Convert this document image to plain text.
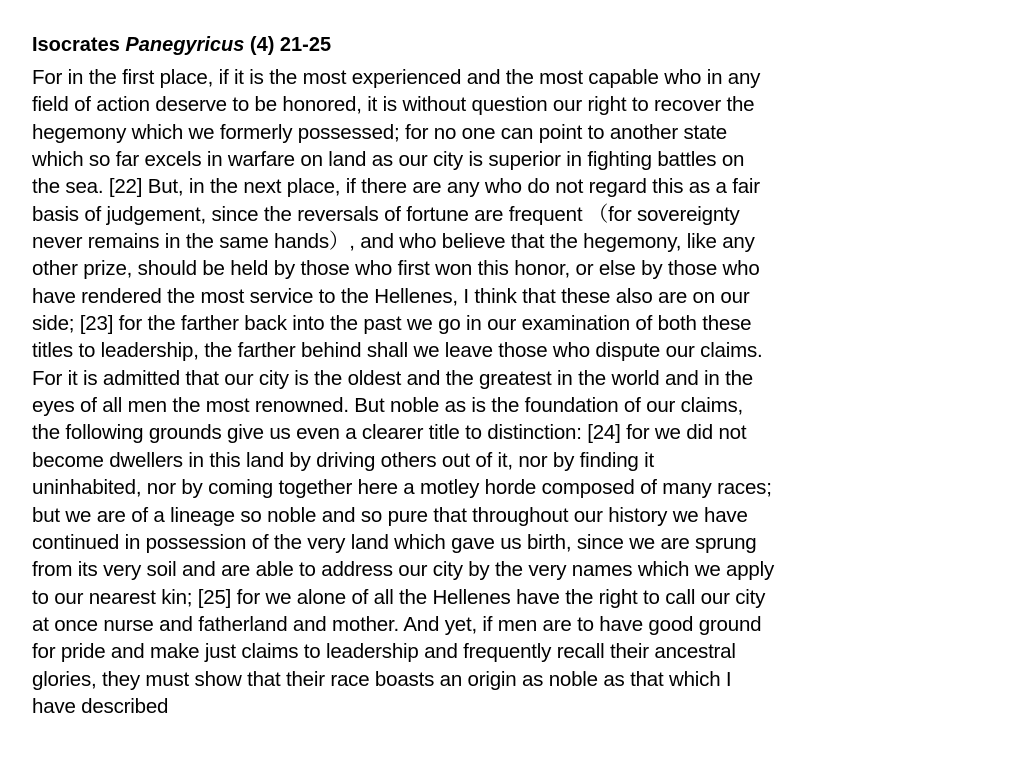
Isocrates Panegyricus (4) 21-25
For in the first place, if it is the most experienced and the most capable who in any
field of action deserve to be honored, it is without question our right to recover the
hegemony which we formerly possessed; for no one can point to another state
which so far excels in warfare on land as our city is superior in fighting battles on
the sea. [22] But, in the next place, if there are any who do not regard this as a fair
basis of judgement, since the reversals of fortune are frequent （for sovereignty
never remains in the same hands）, and who believe that the hegemony, like any
other prize, should be held by those who first won this honor, or else by those who
have rendered the most service to the Hellenes, I think that these also are on our
side; [23] for the farther back into the past we go in our examination of both these
titles to leadership, the farther behind shall we leave those who dispute our claims.
For it is admitted that our city is the oldest and the greatest in the world and in the
eyes of all men the most renowned. But noble as is the foundation of our claims,
the following grounds give us even a clearer title to distinction: [24] for we did not
become dwellers in this land by driving others out of it, nor by finding it
uninhabited, nor by coming together here a motley horde composed of many races;
but we are of a lineage so noble and so pure that throughout our history we have
continued in possession of the very land which gave us birth, since we are sprung
from its very soil and are able to address our city by the very names which we apply
to our nearest kin; [25] for we alone of all the Hellenes have the right to call our city
at once nurse and fatherland and mother. And yet, if men are to have good ground
for pride and make just claims to leadership and frequently recall their ancestral
glories, they must show that their race boasts an origin as noble as that which I
have described
